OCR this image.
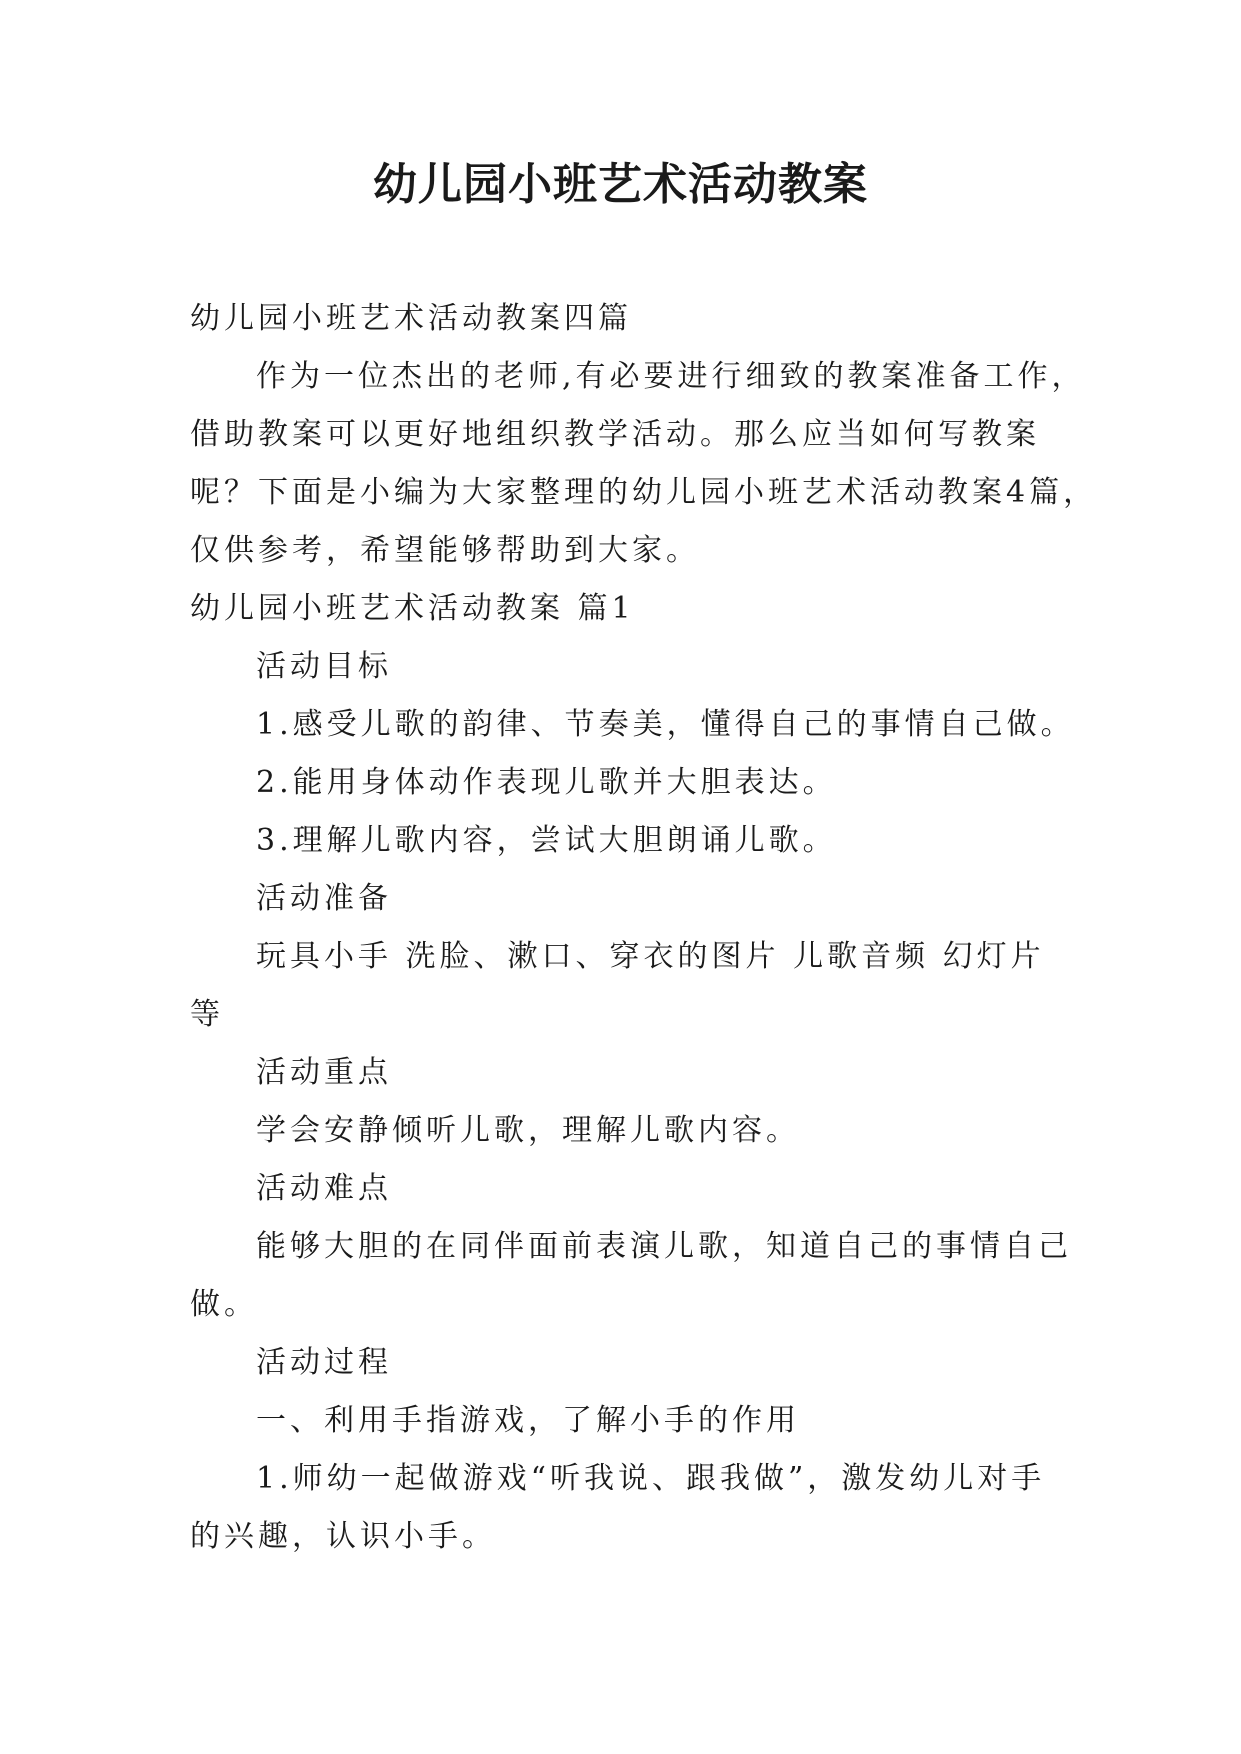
幼儿园小班艺术活动教案

幼儿园小班艺术活动教案四篇

作为一位杰出的老师,有必要进行细致的教案准备工作，

借助教案可以更好地组织教学活动。那么应当如何写教案

呢？下面是小编为大家整理的幼儿园小班艺术活动教案4篇，

仅供参考，希望能够帮助到大家。

幼儿园小班艺术活动教案 篇1

活动目标

1.感受儿歌的韵律、节奏美，懂得自己的事情自己做。

2.能用身体动作表现儿歌并大胆表达。

3.理解儿歌内容，尝试大胆朗诵儿歌。

活动准备

玩具小手 洗脸、漱口、穿衣的图片 儿歌音频 幻灯片

等

活动重点

学会安静倾听儿歌，理解儿歌内容。

活动难点

能够大胆的在同伴面前表演儿歌，知道自己的事情自己

做。

活动过程

一、利用手指游戏，了解小手的作用

1.师幼一起做游戏“听我说、跟我做”，激发幼儿对手

的兴趣，认识小手。
